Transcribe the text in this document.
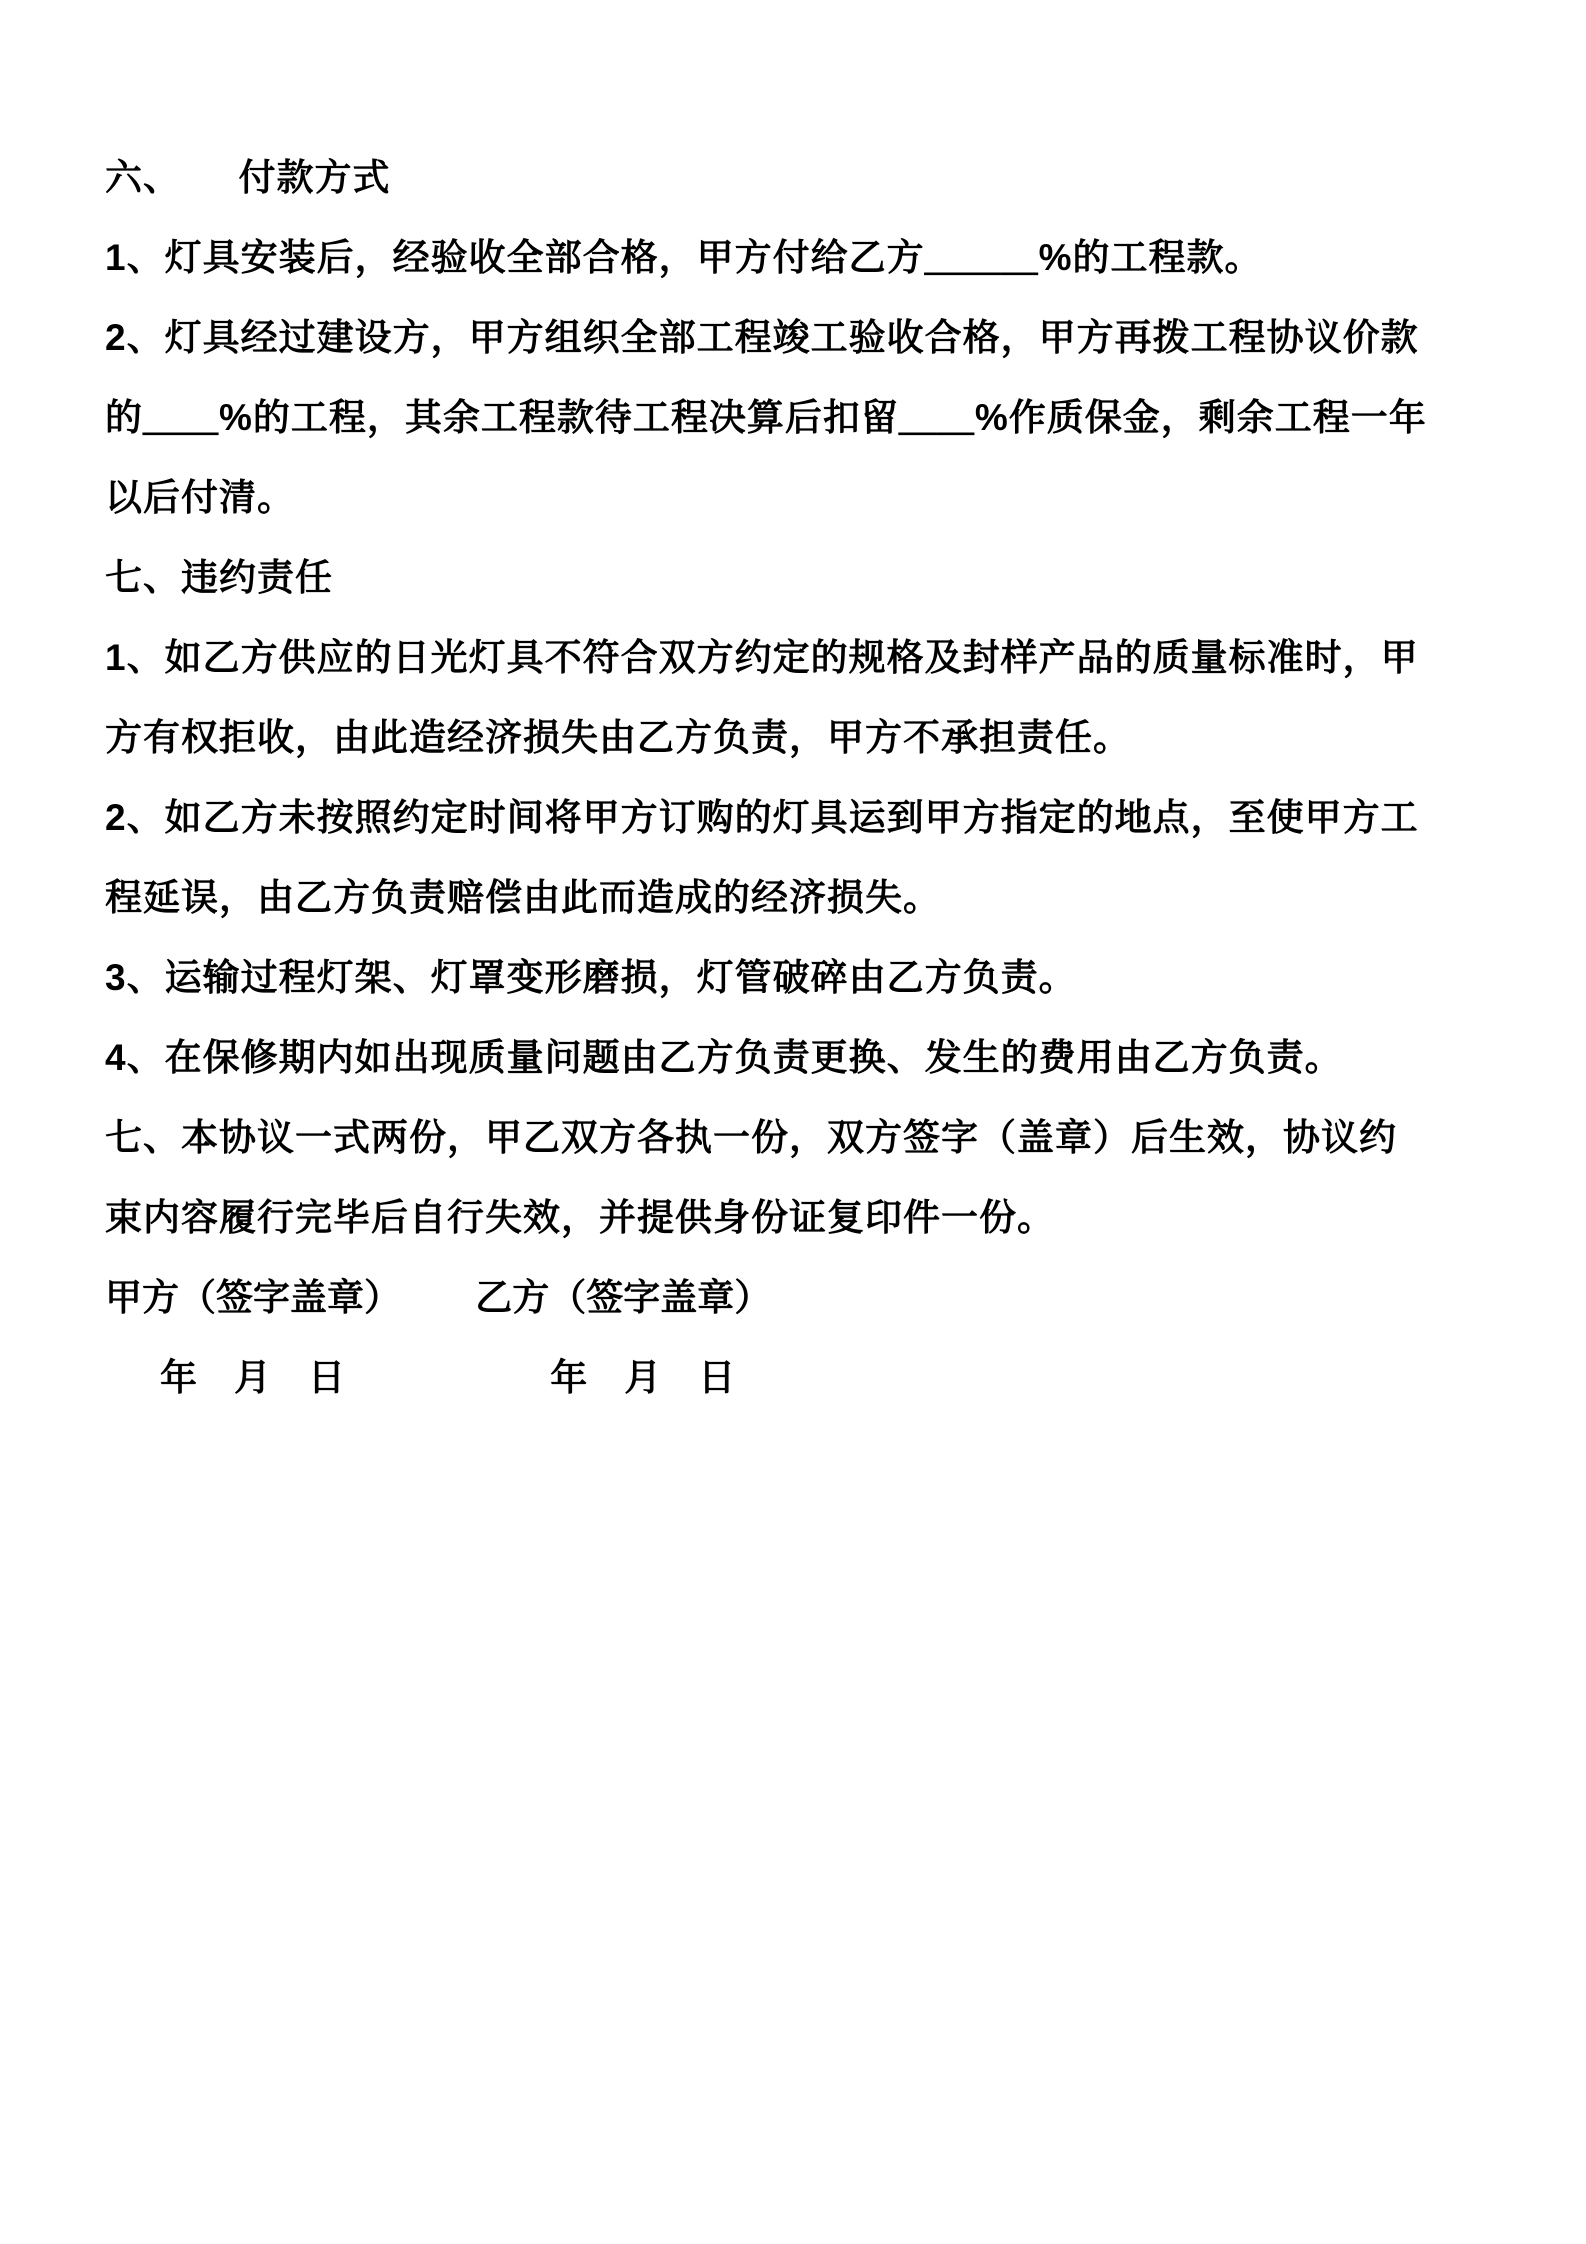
六、　　付款方式
1、灯具安装后，经验收全部合格，甲方付给乙方＿＿＿%的工程款。
2、灯具经过建设方，甲方组织全部工程竣工验收合格，甲方再拨工程协议价款
的＿＿%的工程，其余工程款待工程决算后扣留＿＿%作质保金，剩余工程一年
以后付清。
七、违约责任
1、如乙方供应的日光灯具不符合双方约定的规格及封样产品的质量标准时，甲
方有权拒收，由此造经济损失由乙方负责，甲方不承担责任。
2、如乙方未按照约定时间将甲方订购的灯具运到甲方指定的地点，至使甲方工
程延误，由乙方负责赔偿由此而造成的经济损失。
3、运输过程灯架、灯罩变形磨损，灯管破碎由乙方负责。
4、在保修期内如出现质量问题由乙方负责更换、发生的费用由乙方负责。
七、本协议一式两份，甲乙双方各执一份，双方签字（盖章）后生效，协议约
束内容履行完毕后自行失效，并提供身份证复印件一份。
甲方（签字盖章） 乙方（签字盖章）
年　月　日	年　月　日
